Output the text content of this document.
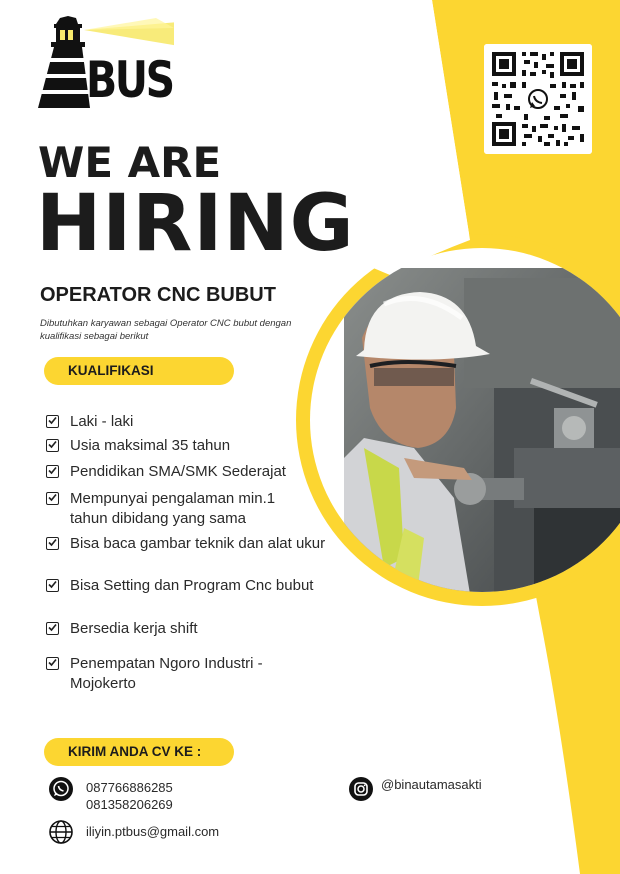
BUS
WE ARE
HIRING
OPERATOR CNC BUBUT
Dibutuhkan karyawan sebagai Operator CNC bubut dengan kualifikasi sebagai berikut
KUALIFIKASI
Laki - laki
Usia maksimal 35 tahun
Pendidikan SMA/SMK Sederajat
Mempunyai pengalaman min.1 tahun dibidang yang sama
Bisa baca gambar teknik dan alat ukur
Bisa Setting dan Program Cnc bubut
Bersedia kerja shift
Penempatan Ngoro Industri - Mojokerto
KIRIM ANDA CV KE :
087766886285
081358206269
iliyin.ptbus@gmail.com
@binautamasakti
